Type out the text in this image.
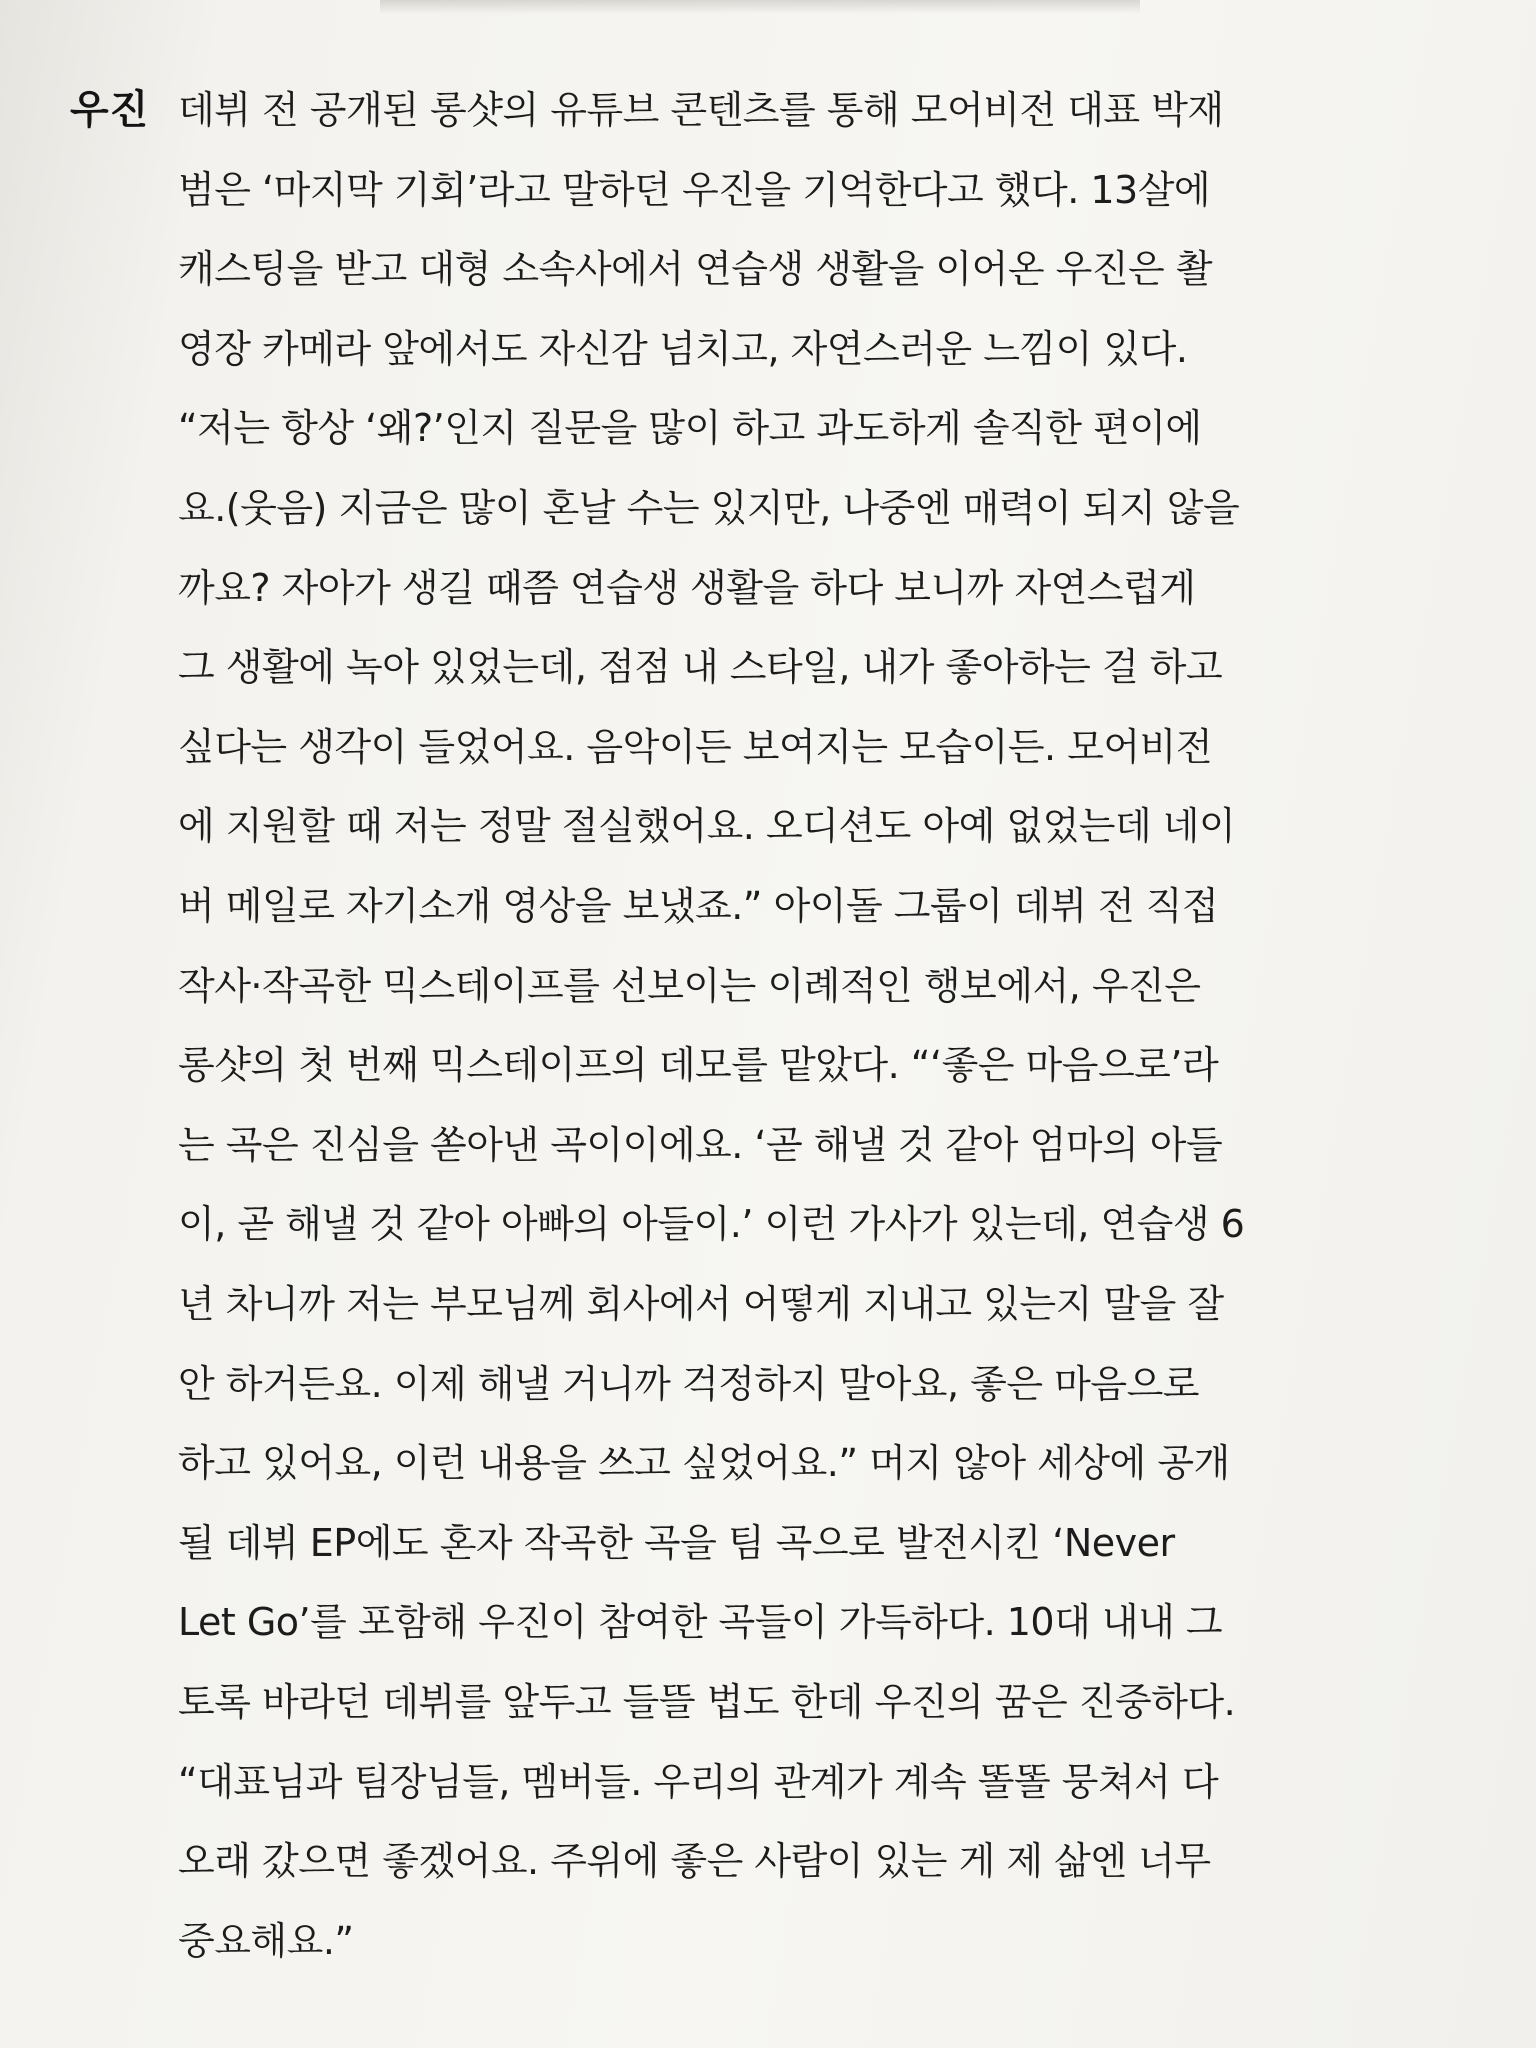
우진 데뷔 전 공개된 롱샷의 유튜브 콘텐츠를 통해 모어비전 대표 박재
범은 ‘마지막 기회’라고 말하던 우진을 기억한다고 했다. 13살에
캐스팅을 받고 대형 소속사에서 연습생 생활을 이어온 우진은 촬
영장 카메라 앞에서도 자신감 넘치고, 자연스러운 느낌이 있다.
“저는 항상 ‘왜?’인지 질문을 많이 하고 과도하게 솔직한 편이에
요.(웃음) 지금은 많이 혼날 수는 있지만, 나중엔 매력이 되지 않을
까요? 자아가 생길 때쯤 연습생 생활을 하다 보니까 자연스럽게
그 생활에 녹아 있었는데, 점점 내 스타일, 내가 좋아하는 걸 하고
싶다는 생각이 들었어요. 음악이든 보여지는 모습이든. 모어비전
에 지원할 때 저는 정말 절실했어요. 오디션도 아예 없었는데 네이
버 메일로 자기소개 영상을 보냈죠.” 아이돌 그룹이 데뷔 전 직접
작사·작곡한 믹스테이프를 선보이는 이례적인 행보에서, 우진은
롱샷의 첫 번째 믹스테이프의 데모를 맡았다. “‘좋은 마음으로’라
는 곡은 진심을 쏟아낸 곡이이에요. ‘곧 해낼 것 같아 엄마의 아들
이, 곧 해낼 것 같아 아빠의 아들이.’ 이런 가사가 있는데, 연습생 6
년 차니까 저는 부모님께 회사에서 어떻게 지내고 있는지 말을 잘
안 하거든요. 이제 해낼 거니까 걱정하지 말아요, 좋은 마음으로
하고 있어요, 이런 내용을 쓰고 싶었어요.” 머지 않아 세상에 공개
될 데뷔 EP에도 혼자 작곡한 곡을 팀 곡으로 발전시킨 ‘Never
Let Go’를 포함해 우진이 참여한 곡들이 가득하다. 10대 내내 그
토록 바라던 데뷔를 앞두고 들뜰 법도 한데 우진의 꿈은 진중하다.
“대표님과 팀장님들, 멤버들. 우리의 관계가 계속 똘똘 뭉쳐서 다
오래 갔으면 좋겠어요. 주위에 좋은 사람이 있는 게 제 삶엔 너무
중요해요.”
